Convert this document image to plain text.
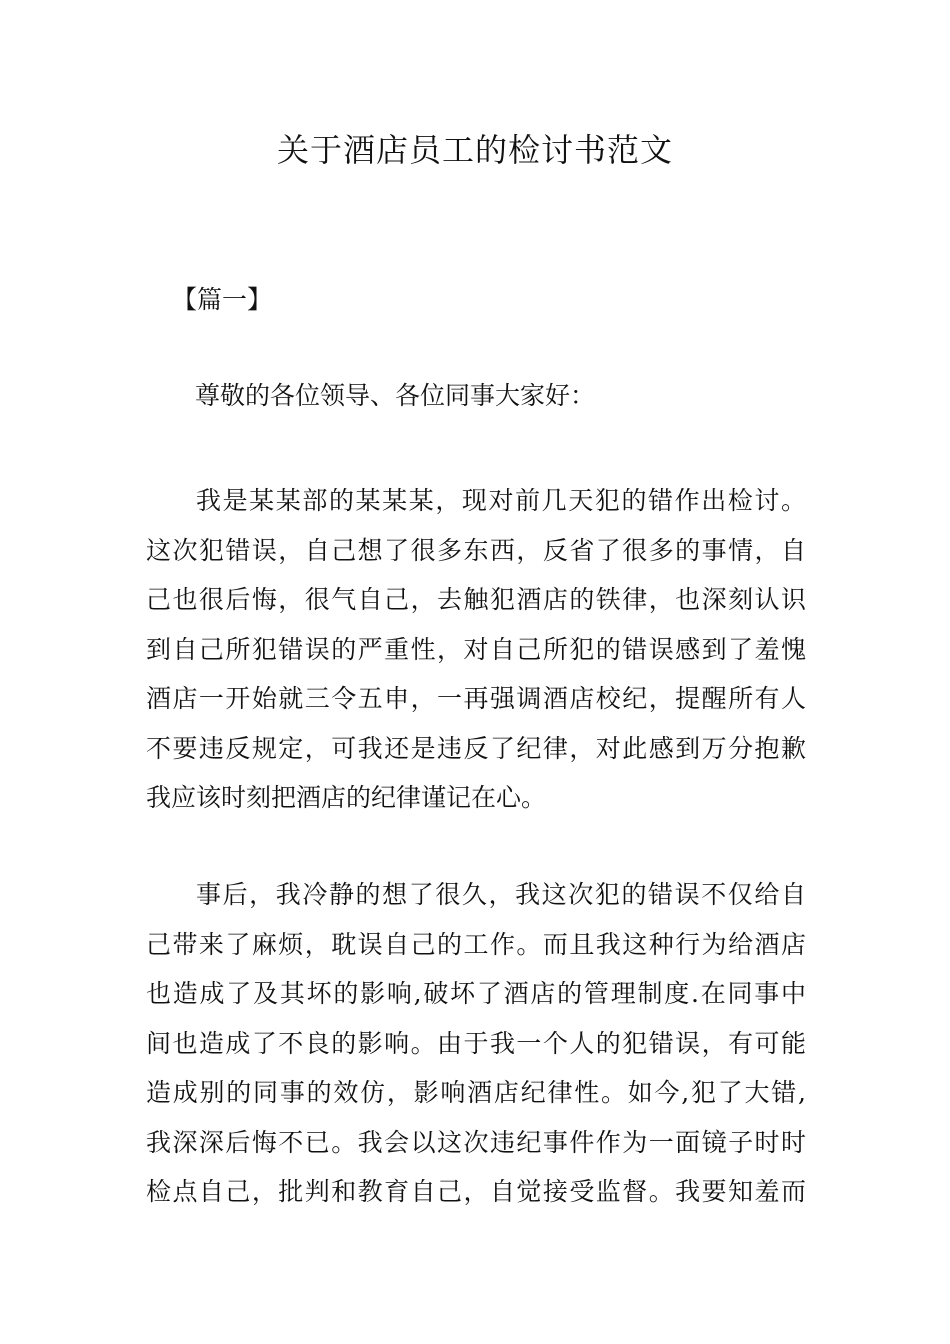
关于酒店员工的检讨书范文

【篇一】

尊敬的各位领导、各位同事大家好：

我是某某部的某某某，现对前几天犯的错作出检讨。
这次犯错误，自己想了很多东西，反省了很多的事情，自
己也很后悔，很气自己，去触犯酒店的铁律，也深刻认识
到自己所犯错误的严重性，对自己所犯的错误感到了羞愧
酒店一开始就三令五申，一再强调酒店校纪，提醒所有人
不要违反规定，可我还是违反了纪律，对此感到万分抱歉
我应该时刻把酒店的纪律谨记在心。
事后，我冷静的想了很久，我这次犯的错误不仅给自
己带来了麻烦，耽误自己的工作。而且我这种行为给酒店
也造成了及其坏的影响,破坏了酒店的管理制度.在同事中
间也造成了不良的影响。由于我一个人的犯错误，有可能
造成别的同事的效仿，影响酒店纪律性。如今,犯了大错,
我深深后悔不已。我会以这次违纪事件作为一面镜子时时
检点自己，批判和教育自己，自觉接受监督。我要知羞而
